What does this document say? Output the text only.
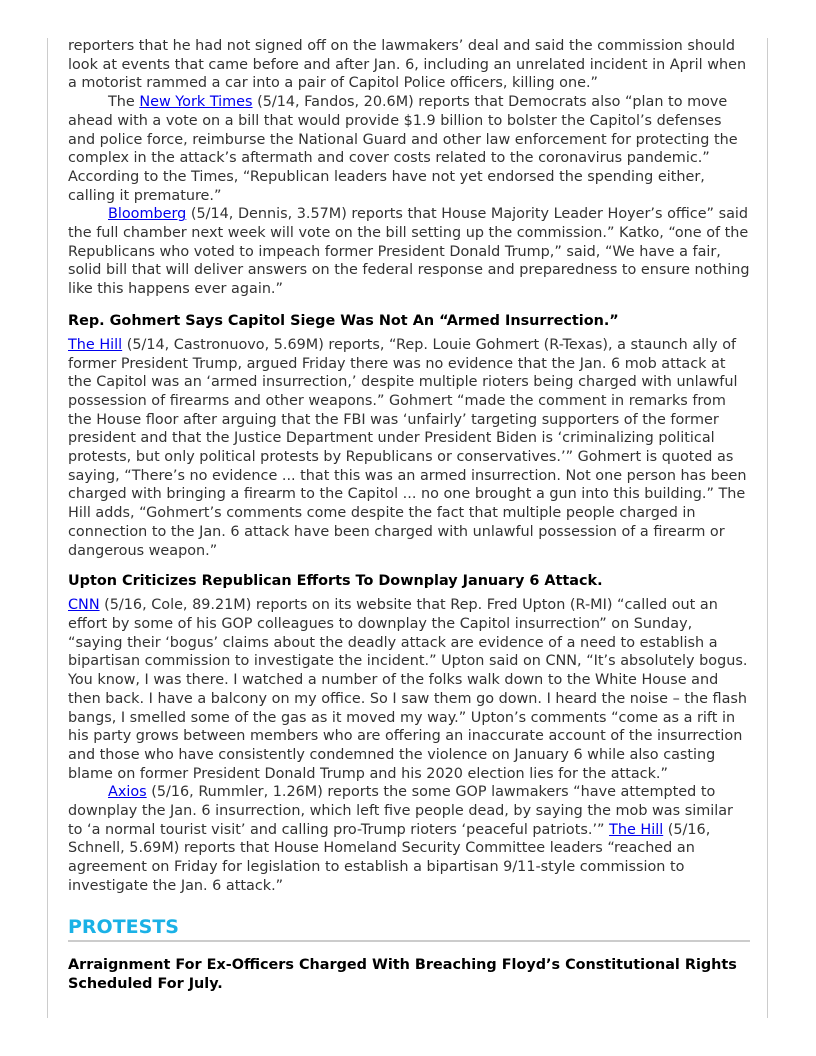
reporters that he had not signed off on the lawmakers’ deal and said the commission should look at events that came before and after Jan. 6, including an unrelated incident in April when a motorist rammed a car into a pair of Capitol Police officers, killing one.”

The New York Times (5/14, Fandos, 20.6M) reports that Democrats also “plan to move ahead with a vote on a bill that would provide $1.9 billion to bolster the Capitol’s defenses and police force, reimburse the National Guard and other law enforcement for protecting the complex in the attack’s aftermath and cover costs related to the coronavirus pandemic.” According to the Times, “Republican leaders have not yet endorsed the spending either, calling it premature.”

Bloomberg (5/14, Dennis, 3.57M) reports that House Majority Leader Hoyer’s office” said the full chamber next week will vote on the bill setting up the commission.” Katko, “one of the Republicans who voted to impeach former President Donald Trump,” said, “We have a fair, solid bill that will deliver answers on the federal response and preparedness to ensure nothing like this happens ever again.”

Rep. Gohmert Says Capitol Siege Was Not An “Armed Insurrection.”

The Hill (5/14, Castronuovo, 5.69M) reports, “Rep. Louie Gohmert (R-Texas), a staunch ally of former President Trump, argued Friday there was no evidence that the Jan. 6 mob attack at the Capitol was an ‘armed insurrection,’ despite multiple rioters being charged with unlawful possession of firearms and other weapons.” Gohmert “made the comment in remarks from the House floor after arguing that the FBI was ‘unfairly’ targeting supporters of the former president and that the Justice Department under President Biden is ‘criminalizing political protests, but only political protests by Republicans or conservatives.’” Gohmert is quoted as saying, “There’s no evidence ... that this was an armed insurrection. Not one person has been charged with bringing a firearm to the Capitol ... no one brought a gun into this building.” The Hill adds, “Gohmert’s comments come despite the fact that multiple people charged in connection to the Jan. 6 attack have been charged with unlawful possession of a firearm or dangerous weapon.”

Upton Criticizes Republican Efforts To Downplay January 6 Attack.

CNN (5/16, Cole, 89.21M) reports on its website that Rep. Fred Upton (R-MI) “called out an effort by some of his GOP colleagues to downplay the Capitol insurrection” on Sunday, “saying their ‘bogus’ claims about the deadly attack are evidence of a need to establish a bipartisan commission to investigate the incident.” Upton said on CNN, “It’s absolutely bogus. You know, I was there. I watched a number of the folks walk down to the White House and then back. I have a balcony on my office. So I saw them go down. I heard the noise – the flash bangs, I smelled some of the gas as it moved my way.” Upton’s comments “come as a rift in his party grows between members who are offering an inaccurate account of the insurrection and those who have consistently condemned the violence on January 6 while also casting blame on former President Donald Trump and his 2020 election lies for the attack.”

Axios (5/16, Rummler, 1.26M) reports the some GOP lawmakers “have attempted to downplay the Jan. 6 insurrection, which left five people dead, by saying the mob was similar to ‘a normal tourist visit’ and calling pro-Trump rioters ‘peaceful patriots.’” The Hill (5/16, Schnell, 5.69M) reports that House Homeland Security Committee leaders “reached an agreement on Friday for legislation to establish a bipartisan 9/11-style commission to investigate the Jan. 6 attack.”

PROTESTS
Arraignment For Ex-Officers Charged With Breaching Floyd’s Constitutional Rights Scheduled For July.
